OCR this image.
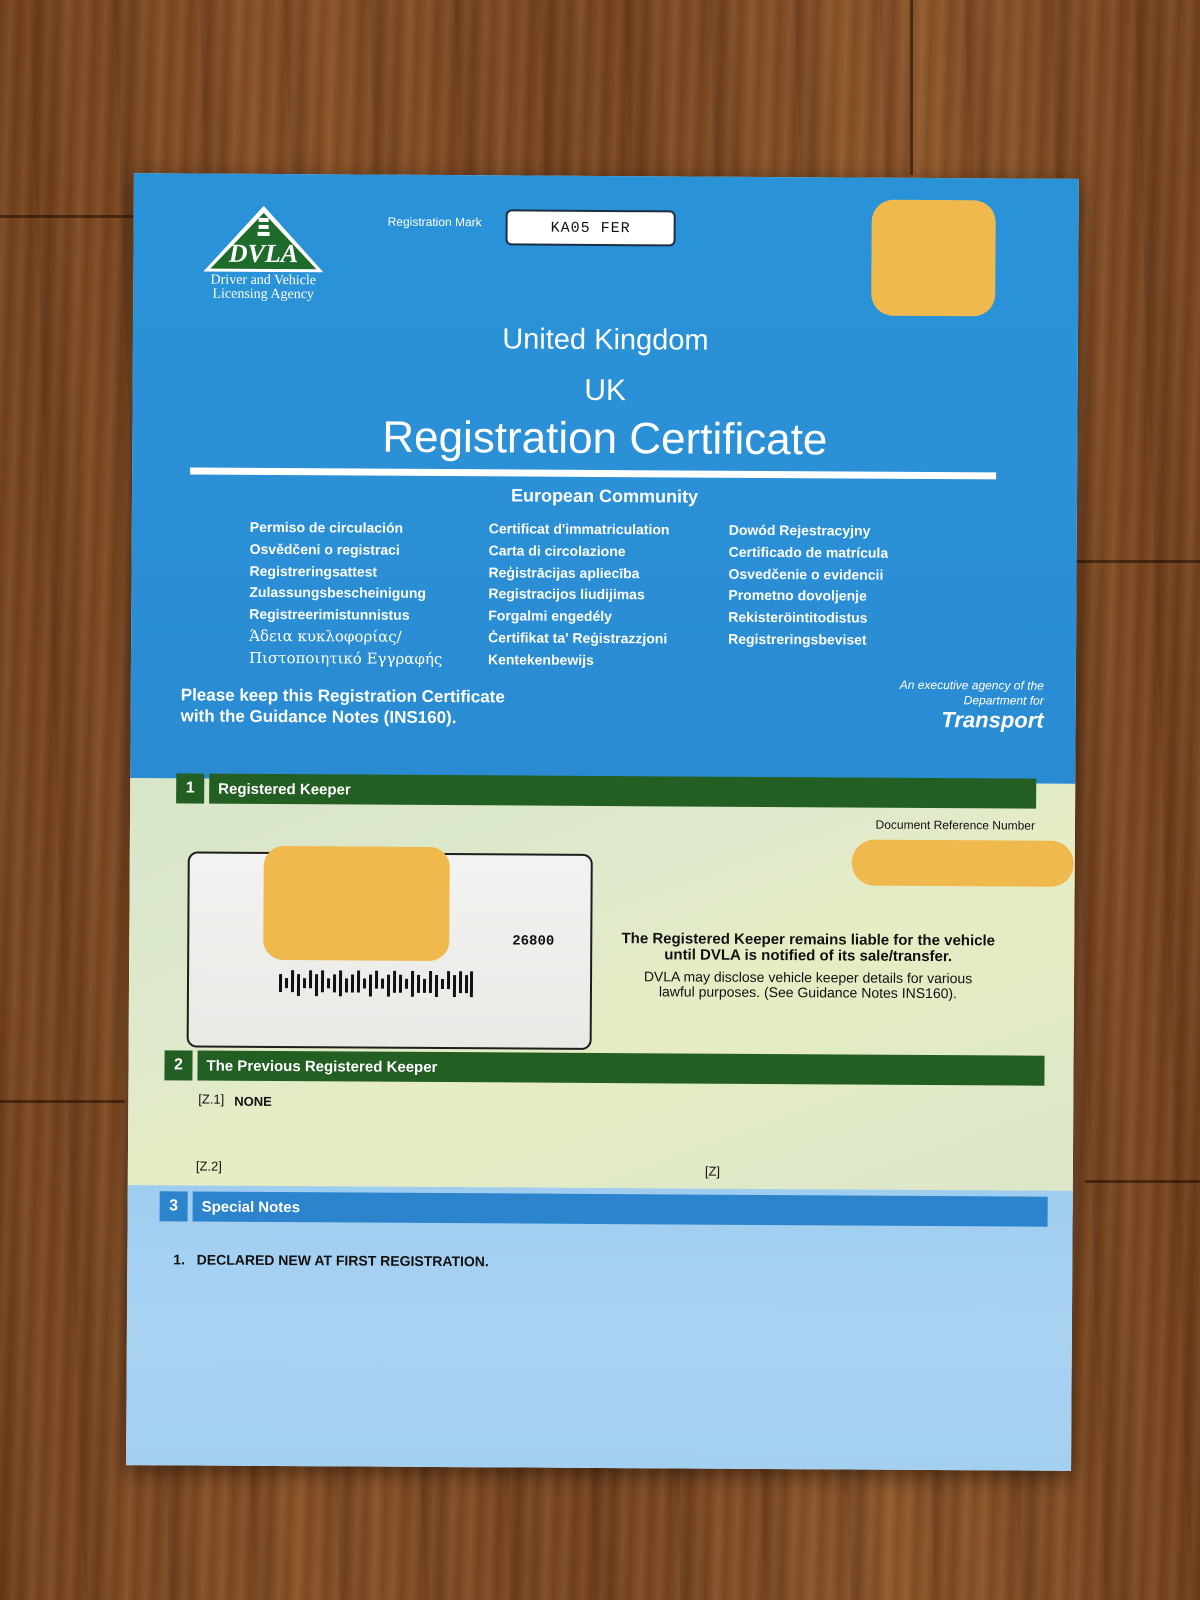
DVLA
Driver and Vehicle
Licensing Agency
Registration Mark	KA05 FER
United Kingdom
UK
Registration Certificate
European Community
Permiso de circulación
Osvědčeni o registraci
Registreringsattest
Zulassungsbescheinigung
Registreerimistunnistus
Άδεια κυκλοφορίας/
Πιστοποιητικό Εγγραφής
Certificat d'immatriculation
Carta di circolazione
Reģistrācijas apliecība
Registracijos liudijimas
Forgalmi engedély
Ċertifikat ta' Reġistrazzjoni
Kentekenbewijs
Dowód Rejestracyjny
Certificado de matrícula
Osvedčenie o evidencii
Prometno dovoljenje
Rekisteröintitodistus
Registreringsbeviset
Please keep this Registration Certificate
with the Guidance Notes (INS160).
An executive agency of the
Department for
Transport
1	Registered Keeper
Document Reference Number
26800	The Registered Keeper remains liable for the vehicle
until DVLA is notified of its sale/transfer.
DVLA may disclose vehicle keeper details for various
lawful purposes. (See Guidance Notes INS160).
2	The Previous Registered Keeper
[Z.1] NONE
[Z.2]	[Z]
3	Special Notes
1.   DECLARED NEW AT FIRST REGISTRATION.
